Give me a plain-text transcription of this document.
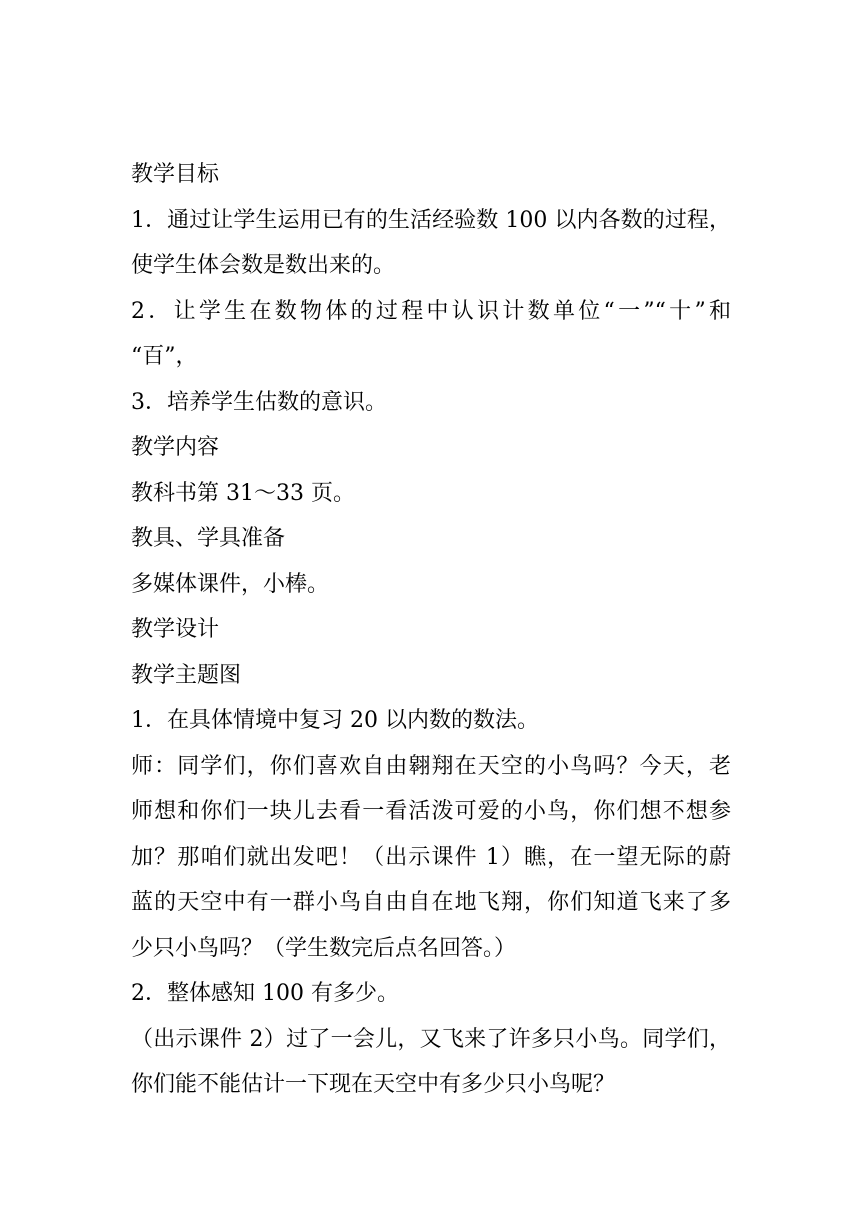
教学目标
1．通过让学生运用已有的生活经验数 100 以内各数的过程，
使学生体会数是数出来的。
2．让学生在数物体的过程中认识计数单位“一”“十”和
“百”，
3．培养学生估数的意识。
教学内容
教科书第 31～33 页。
教具、学具准备
多媒体课件，小棒。
教学设计
教学主题图
1．在具体情境中复习 20 以内数的数法。
师：同学们，你们喜欢自由翱翔在天空的小鸟吗？今天，老
师想和你们一块儿去看一看活泼可爱的小鸟，你们想不想参
加？那咱们就出发吧！（出示课件 1）瞧，在一望无际的蔚
蓝的天空中有一群小鸟自由自在地飞翔，你们知道飞来了多
少只小鸟吗？（学生数完后点名回答。）
2．整体感知 100 有多少。
（出示课件 2）过了一会儿，又飞来了许多只小鸟。同学们，
你们能不能估计一下现在天空中有多少只小鸟呢？
